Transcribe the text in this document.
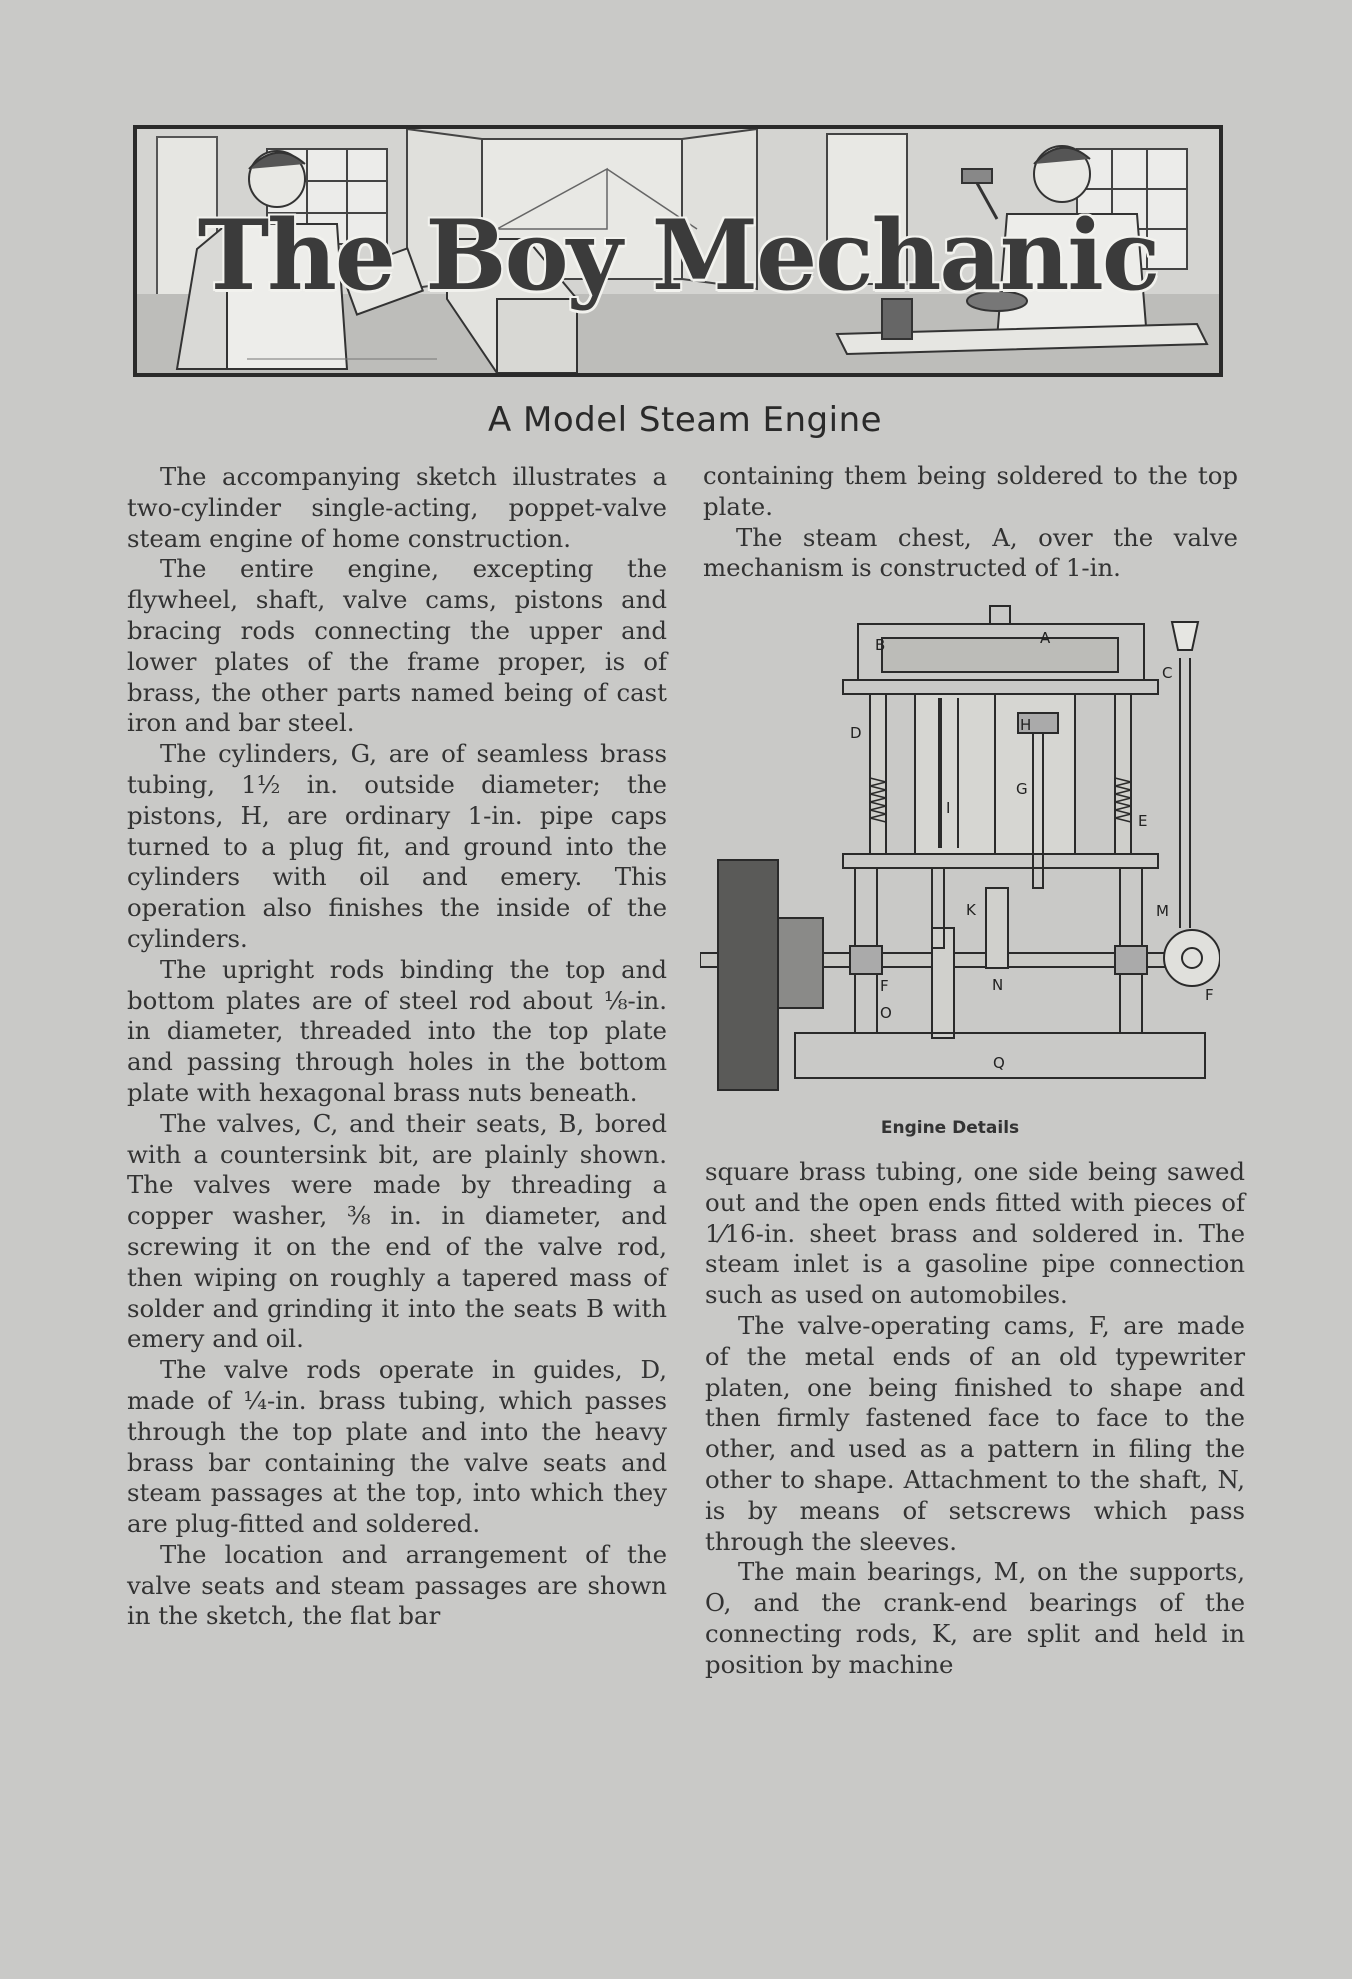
The Boy Mechanic
A Model Steam Engine

The accompanying sketch illustrates a two-cylinder single-acting, poppet-valve steam engine of home construction.

The entire engine, excepting the flywheel, shaft, valve cams, pistons and bracing rods connecting the upper and lower plates of the frame proper, is of brass, the other parts named being of cast iron and bar steel.

The cylinders, G, are of seamless brass tubing, 1½ in. outside diameter; the pistons, H, are ordinary 1-in. pipe caps turned to a plug fit, and ground into the cylinders with oil and emery. This operation also finishes the inside of the cylinders.

The upright rods binding the top and bottom plates are of steel rod about ⅛-in. in diameter, threaded into the top plate and passing through holes in the bottom plate with hexagonal brass nuts beneath.

The valves, C, and their seats, B, bored with a countersink bit, are plainly shown. The valves were made by threading a copper washer, ⅜ in. in diameter, and screwing it on the end of the valve rod, then wiping on roughly a tapered mass of solder and grinding it into the seats B with emery and oil.

The valve rods operate in guides, D, made of ¼-in. brass tubing, which passes through the top plate and into the heavy brass bar containing the valve seats and steam passages at the top, into which they are plug-fitted and soldered.

The location and arrangement of the valve seats and steam passages are shown in the sketch, the flat bar

containing them being soldered to the top plate.

The steam chest, A, over the valve mechanism is constructed of 1-in.

A
B
C
D	H
G
I
E
K	M
F	N
F
O
Q
Engine Details

square brass tubing, one side being sawed out and the open ends fitted with pieces of 1⁄16-in. sheet brass and soldered in. The steam inlet is a gasoline pipe connection such as used on automobiles.

The valve-operating cams, F, are made of the metal ends of an old typewriter platen, one being finished to shape and then firmly fastened face to face to the other, and used as a pattern in filing the other to shape. Attachment to the shaft, N, is by means of setscrews which pass through the sleeves.

The main bearings, M, on the supports, O, and the crank-end bearings of the connecting rods, K, are split and held in position by machine
